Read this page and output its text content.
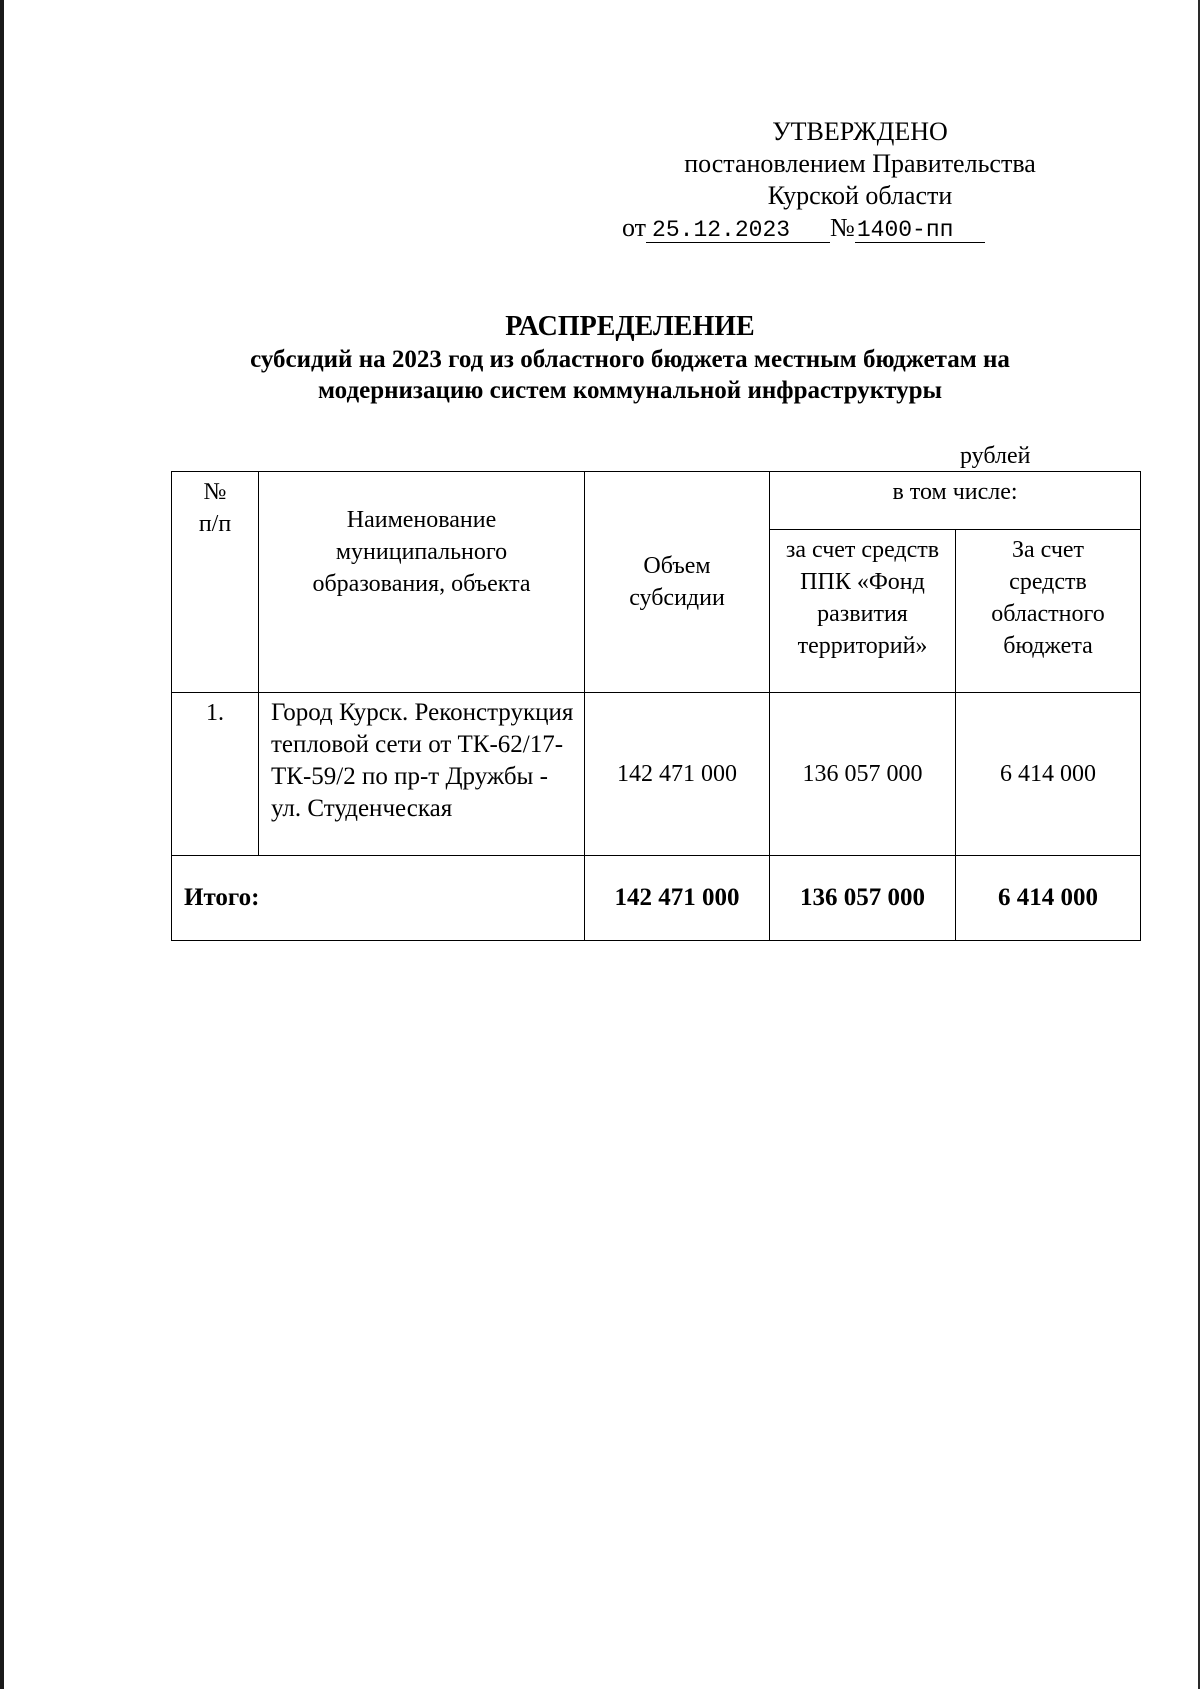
УТВЕРЖДЕНО
постановлением Правительства
Курской области
от 25.12.2023 №1400-пп
РАСПРЕДЕЛЕНИЕ
субсидий на 2023 год из областного бюджета местным бюджетам на
модернизацию систем коммунальной инфраструктуры
рублей
№
п/п	Наименование муниципального образования, объекта	Объем субсидии	в том числе:	
			за счет средств ППК «Фонд развития территорий»	За счет средств областного бюджета
1.	Город Курск. Реконструкция тепловой сети от ТК-62/17-ТК-59/2 по пр-т Дружбы - ул. Студенческая	142 471 000	136 057 000	6 414 000
Итого:		142 471 000	136 057 000	6 414 000
